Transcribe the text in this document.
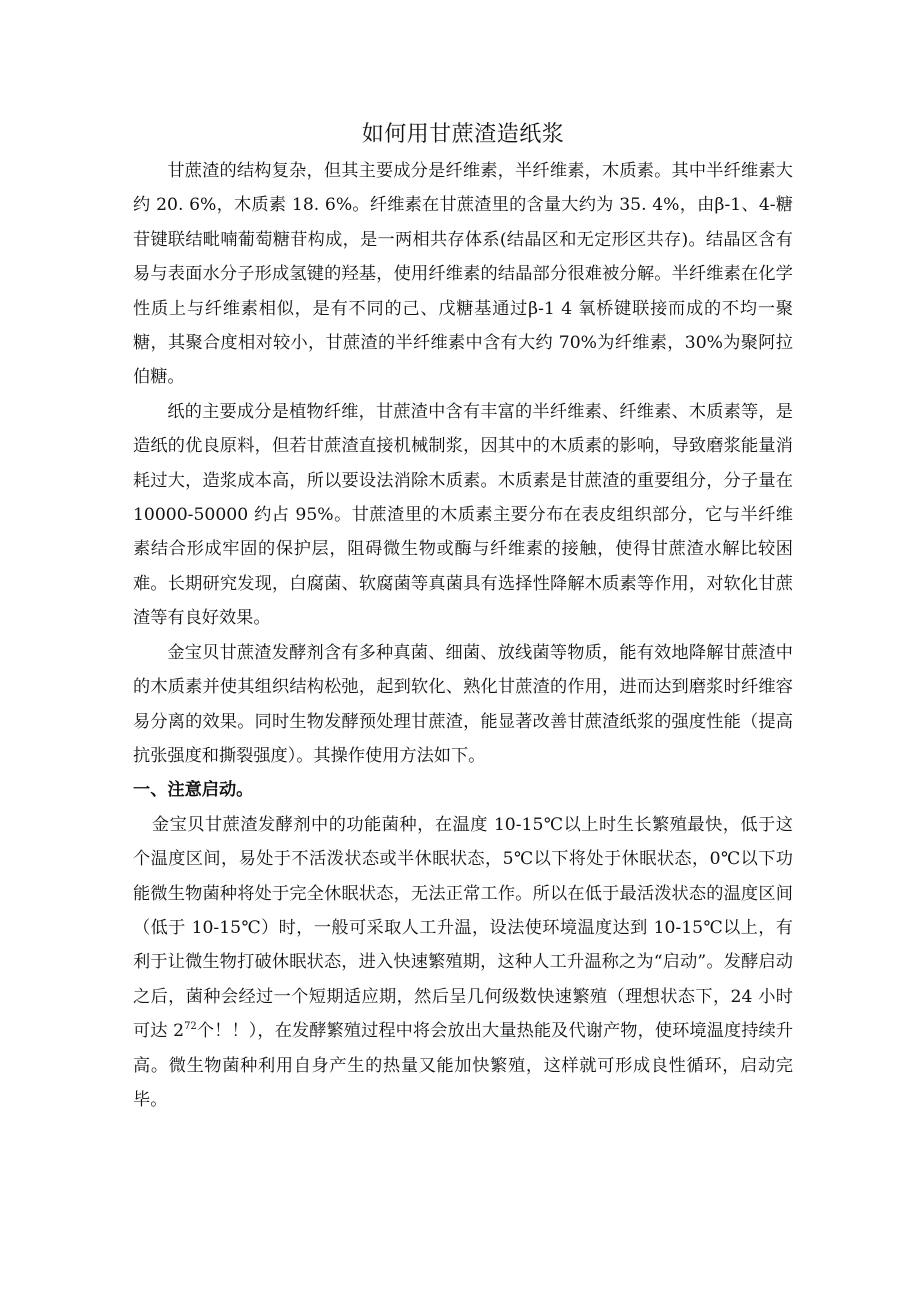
如何用甘蔗渣造纸浆

甘蔗渣的结构复杂，但其主要成分是纤维素，半纤维素，木质素。其中半纤维素大约 20. 6%，木质素 18. 6%。纤维素在甘蔗渣里的含量大约为 35. 4%，由β-1、4-糖苷键联结毗喃葡萄糖苷构成，是一两相共存体系(结晶区和无定形区共存)。结晶区含有易与表面水分子形成氢键的羟基，使用纤维素的结晶部分很难被分解。半纤维素在化学性质上与纤维素相似，是有不同的己、戊糖基通过β-1 4 氧桥键联接而成的不均一聚糖，其聚合度相对较小，甘蔗渣的半纤维素中含有大约 70%为纤维素，30%为聚阿拉伯糖。

纸的主要成分是植物纤维，甘蔗渣中含有丰富的半纤维素、纤维素、木质素等，是造纸的优良原料，但若甘蔗渣直接机械制浆，因其中的木质素的影响，导致磨浆能量消耗过大，造浆成本高，所以要设法消除木质素。木质素是甘蔗渣的重要组分，分子量在 10000-50000 约占 95%。甘蔗渣里的木质素主要分布在表皮组织部分，它与半纤维素结合形成牢固的保护层，阻碍微生物或酶与纤维素的接触，使得甘蔗渣水解比较困难。长期研究发现，白腐菌、软腐菌等真菌具有选择性降解木质素等作用，对软化甘蔗渣等有良好效果。

金宝贝甘蔗渣发酵剂含有多种真菌、细菌、放线菌等物质，能有效地降解甘蔗渣中的木质素并使其组织结构松弛，起到软化、熟化甘蔗渣的作用，进而达到磨浆时纤维容易分离的效果。同时生物发酵预处理甘蔗渣，能显著改善甘蔗渣纸浆的强度性能（提高抗张强度和撕裂强度）。其操作使用方法如下。

一、注意启动。

金宝贝甘蔗渣发酵剂中的功能菌种，在温度 10-15℃以上时生长繁殖最快，低于这个温度区间，易处于不活泼状态或半休眠状态，5℃以下将处于休眠状态，0℃以下功能微生物菌种将处于完全休眠状态，无法正常工作。所以在低于最活泼状态的温度区间（低于 10-15℃）时，一般可采取人工升温，设法使环境温度达到 10-15℃以上，有利于让微生物打破休眠状态，进入快速繁殖期，这种人工升温称之为“启动”。发酵启动之后，菌种会经过一个短期适应期，然后呈几何级数快速繁殖（理想状态下，24 小时可达 $2^{72}$个！！），在发酵繁殖过程中将会放出大量热能及代谢产物，使环境温度持续升高。微生物菌种利用自身产生的热量又能加快繁殖，这样就可形成良性循环，启动完毕。
